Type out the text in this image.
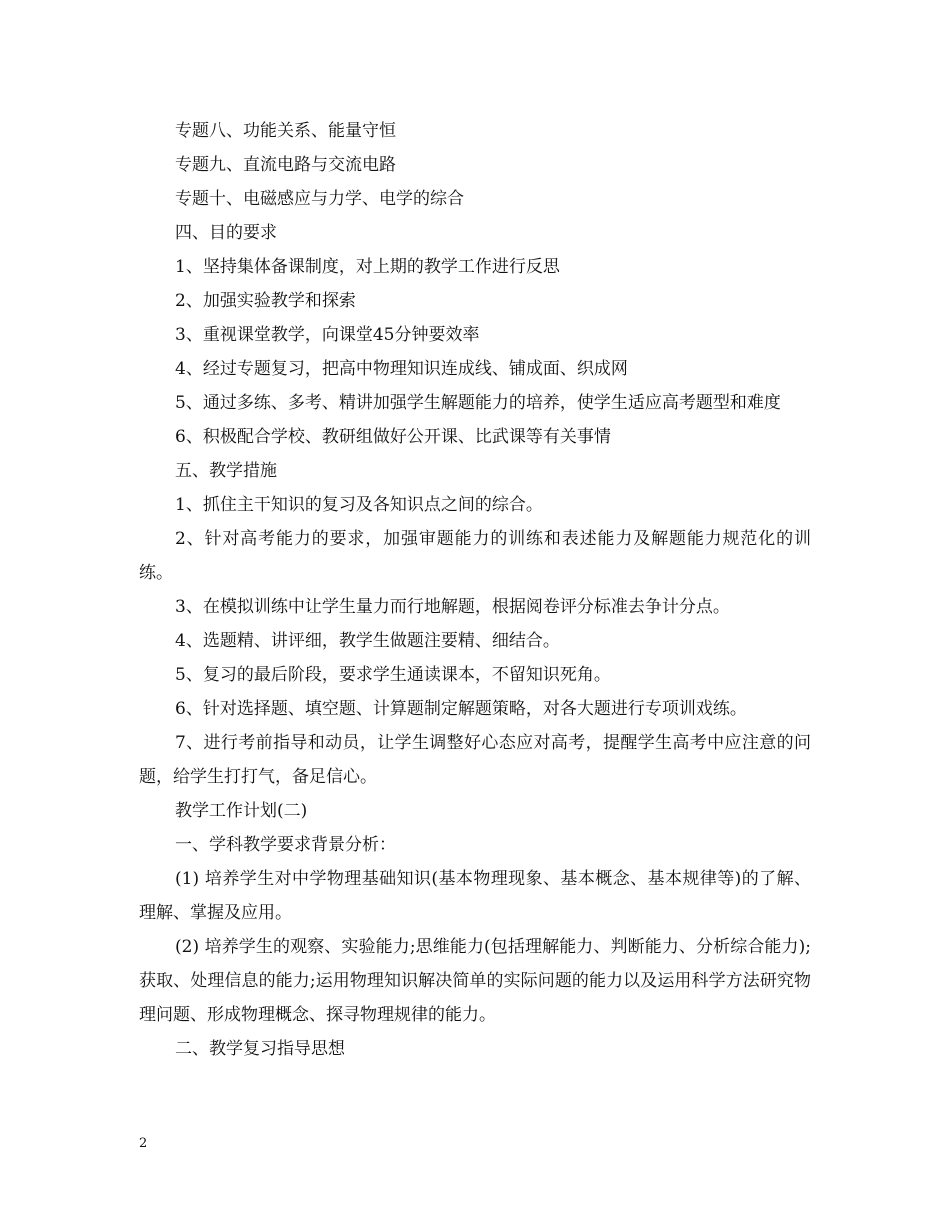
专题八、功能关系、能量守恒

专题九、直流电路与交流电路

专题十、电磁感应与力学、电学的综合

四、目的要求

1、坚持集体备课制度，对上期的教学工作进行反思

2、加强实验教学和探索

3、重视课堂教学，向课堂45分钟要效率

4、经过专题复习，把高中物理知识连成线、铺成面、织成网

5、通过多练、多考、精讲加强学生解题能力的培养，使学生适应高考题型和难度

6、积极配合学校、教研组做好公开课、比武课等有关事情

五、教学措施

1、抓住主干知识的复习及各知识点之间的综合。

2、针对高考能力的要求，加强审题能力的训练和表述能力及解题能力规范化的训练。

3、在模拟训练中让学生量力而行地解题，根据阅卷评分标准去争计分点。

4、选题精、讲评细，教学生做题注要精、细结合。

5、复习的最后阶段，要求学生通读课本，不留知识死角。

6、针对选择题、填空题、计算题制定解题策略，对各大题进行专项训戏练。

7、进行考前指导和动员，让学生调整好心态应对高考，提醒学生高考中应注意的问题，给学生打打气，备足信心。

教学工作计划(二)

一、学科教学要求背景分析：

(1) 培养学生对中学物理基础知识(基本物理现象、基本概念、基本规律等)的了解、理解、掌握及应用。

(2) 培养学生的观察、实验能力;思维能力(包括理解能力、判断能力、分析综合能力);获取、处理信息的能力;运用物理知识解决简单的实际问题的能力以及运用科学方法研究物理问题、形成物理概念、探寻物理规律的能力。

二、教学复习指导思想

2
